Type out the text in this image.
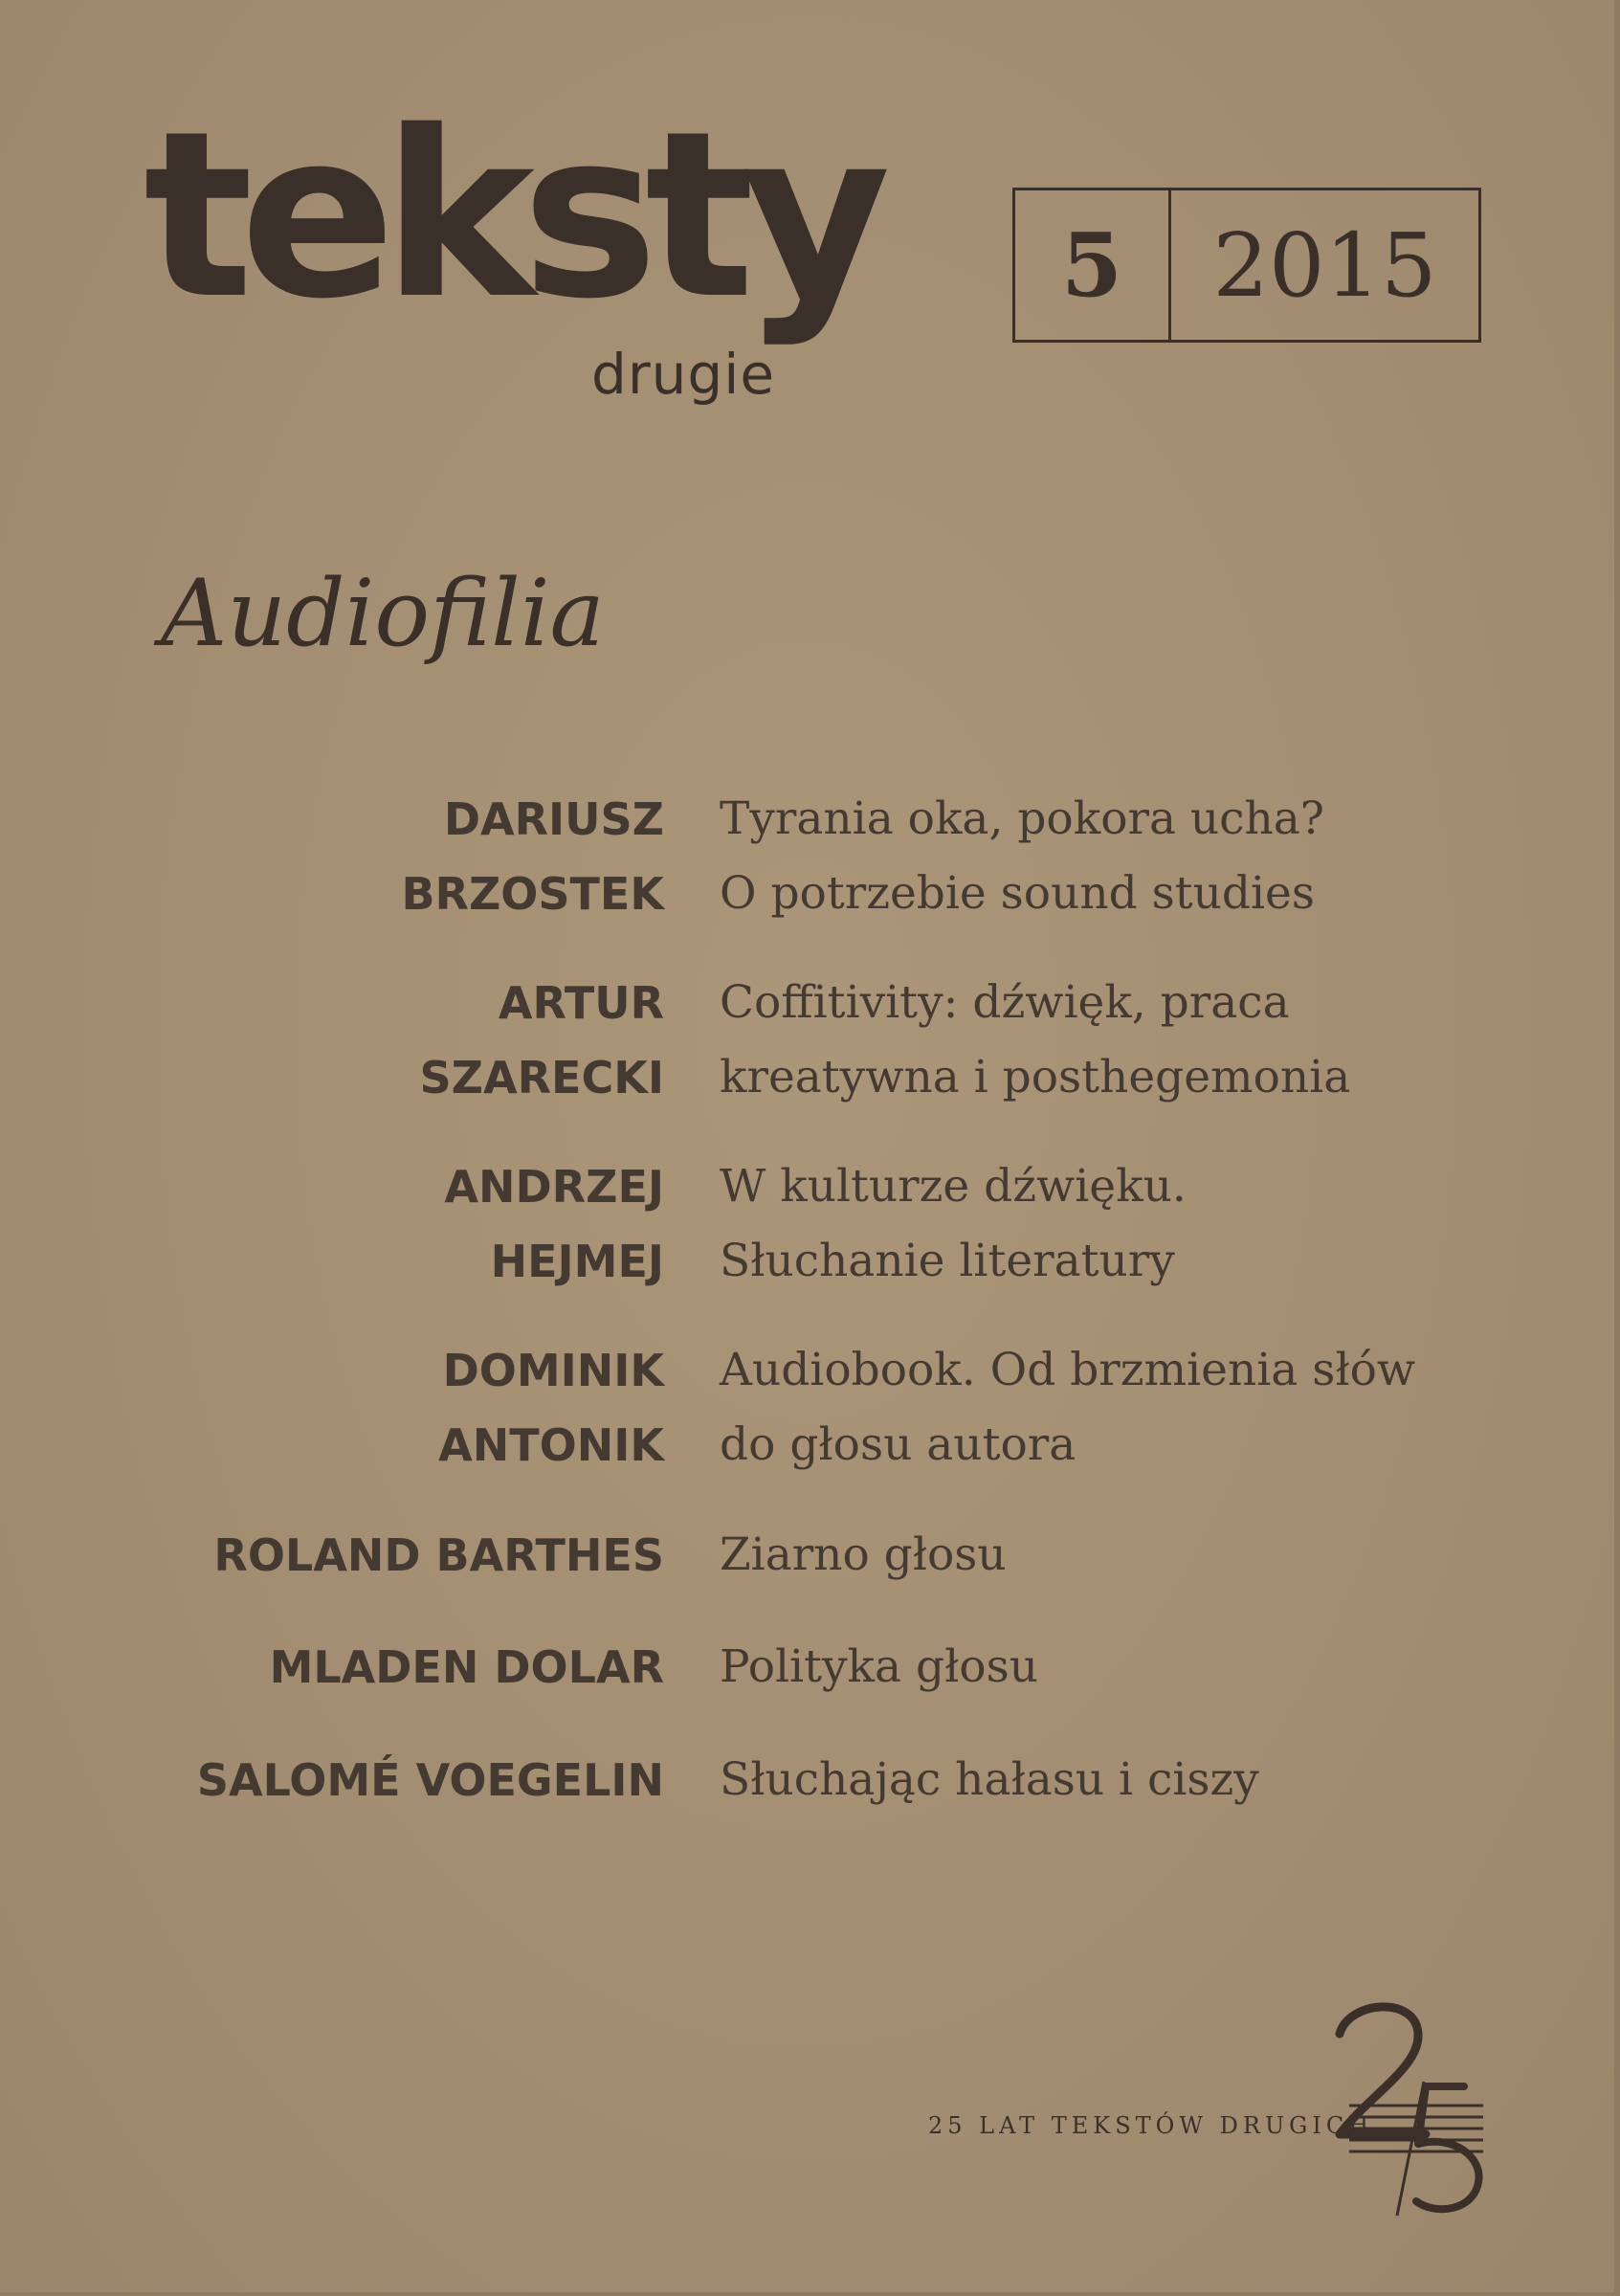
teksty
drugie
5	2015
Audiofilia
DARIUSZ Tyrania oka, pokora ucha?
BRZOSTEK O potrzebie sound studies
ARTUR Coffitivity: dźwięk, praca
SZARECKI kreatywna i posthegemonia
ANDRZEJ W kulturze dźwięku.
HEJMEJ Słuchanie literatury
DOMINIK Audiobook. Od brzmienia słów
ANTONIK do głosu autora
ROLAND BARTHES Ziarno głosu
MLADEN DOLAR Polityka głosu
SALOMÉ VOEGELIN Słuchając hałasu i ciszy
25 LAT TEKSTÓW DRUGICH
